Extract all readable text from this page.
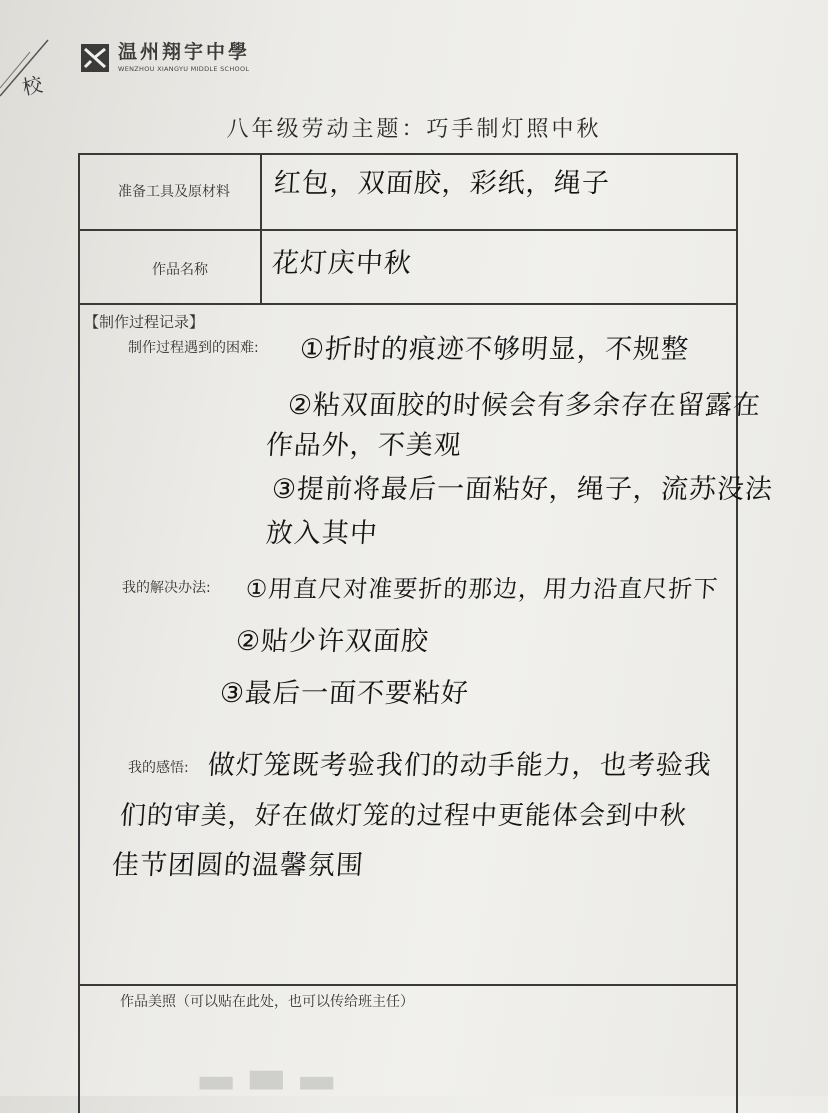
校
温州翔宇中學
WENZHOU XIANGYU MIDDLE SCHOOL
八年级劳动主题：巧手制灯照中秋
准备工具及原材料 红包，双面胶，彩纸，绳子
作品名称 花灯庆中秋
【制作过程记录】
制作过程遇到的困难: ①折时的痕迹不够明显，不规整
②粘双面胶的时候会有多余存在留露在
作品外，不美观
③提前将最后一面粘好，绳子，流苏没法
放入其中
我的解决办法: ①用直尺对准要折的那边，用力沿直尺折下
②贴少许双面胶
③最后一面不要粘好
我的感悟: 做灯笼既考验我们的动手能力，也考验我
们的审美，好在做灯笼的过程中更能体会到中秋
佳节团圆的温馨氛围
作品美照（可以贴在此处，也可以传给班主任）
▂▃▂
